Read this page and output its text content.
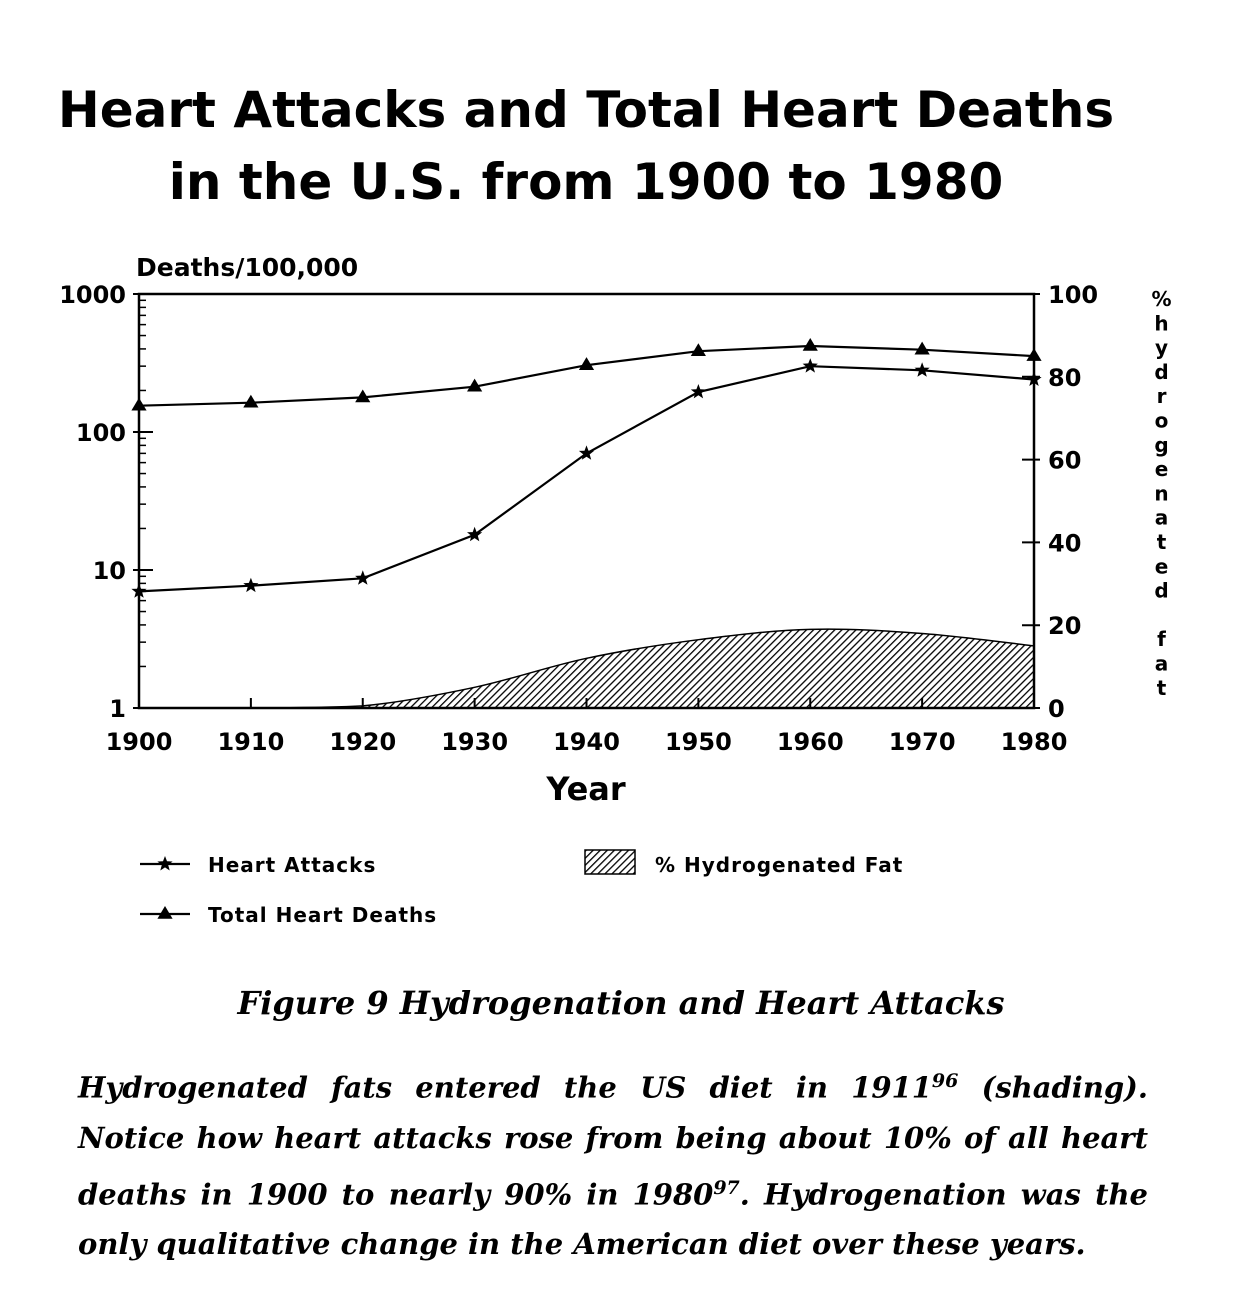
Heart Attacks and Total Heart Deaths
in the U.S. from 1900 to 1980
Deaths/100,000
1900 1910 1920 1930 1940 1950 1960 1970 1980
1
10
100
1000
0
20
40
60
80
100	%
h
y
d
r
o
g
e
n
a
t
e
d
f
a
t
Year
Heart Attacks
Total Heart Deaths
% Hydrogenated Fat
Figure 9 Hydrogenation and Heart Attacks
Hydrogenated fats entered the US diet in 1911$^{96}$ (shading). Notice how heart attacks rose from being about 10% of all heart deaths in 1900 to nearly 90% in 1980$^{97}$. Hydrogenation was the only qualitative change in the American diet over these years.
